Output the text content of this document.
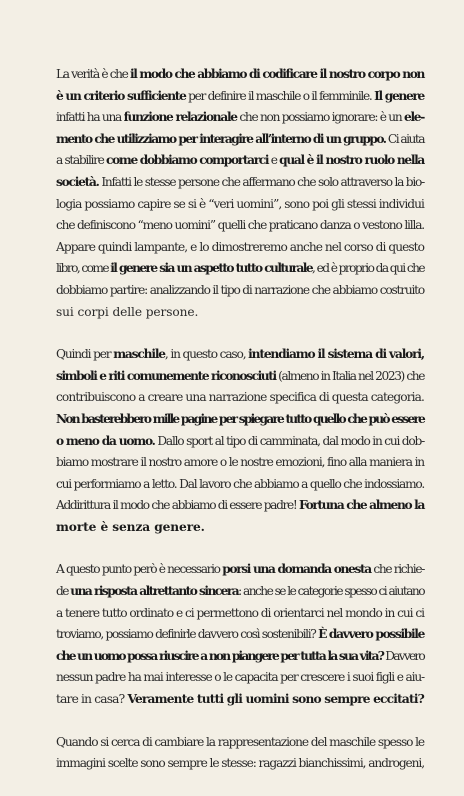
La verità è che il modo che abbiamo di codificare il nostro corpo non
è un criterio sufficiente per definire il maschile o il femminile. Il genere
infatti ha una funzione relazionale che non possiamo ignorare: è un ele-
mento che utilizziamo per interagire all’interno di un gruppo. Ci aiuta
a stabilire come dobbiamo comportarci e qual è il nostro ruolo nella
società. Infatti le stesse persone che affermano che solo attraverso la bio-
logia possiamo capire se si è “veri uomini”, sono poi gli stessi individui
che definiscono “meno uomini” quelli che praticano danza o vestono lilla.
Appare quindi lampante, e lo dimostreremo anche nel corso di questo
libro, come il genere sia un aspetto tutto culturale, ed è proprio da qui che
dobbiamo partire: analizzando il tipo di narrazione che abbiamo costruito
sui corpi delle persone.
Quindi per maschile, in questo caso, intendiamo il sistema di valori,
simboli e riti comunemente riconosciuti (almeno in Italia nel 2023) che
contribuiscono a creare una narrazione specifica di questa categoria.
Non basterebbero mille pagine per spiegare tutto quello che può essere
o meno da uomo. Dallo sport al tipo di camminata, dal modo in cui dob-
biamo mostrare il nostro amore o le nostre emozioni, fino alla maniera in
cui performiamo a letto. Dal lavoro che abbiamo a quello che indossiamo.
Addirittura il modo che abbiamo di essere padre! Fortuna che almeno la
morte è senza genere.
A questo punto però è necessario porsi una domanda onesta che richie-
de una risposta altrettanto sincera: anche se le categorie spesso ci aiutano
a tenere tutto ordinato e ci permettono di orientarci nel mondo in cui ci
troviamo, possiamo definirle davvero così sostenibili? È davvero possibile
che un uomo possa riuscire a non piangere per tutta la sua vita? Davvero
nessun padre ha mai interesse o le capacita per crescere i suoi figli e aiu-
tare in casa? Veramente tutti gli uomini sono sempre eccitati?
Quando si cerca di cambiare la rappresentazione del maschile spesso le
immagini scelte sono sempre le stesse: ragazzi bianchissimi, androgeni,
